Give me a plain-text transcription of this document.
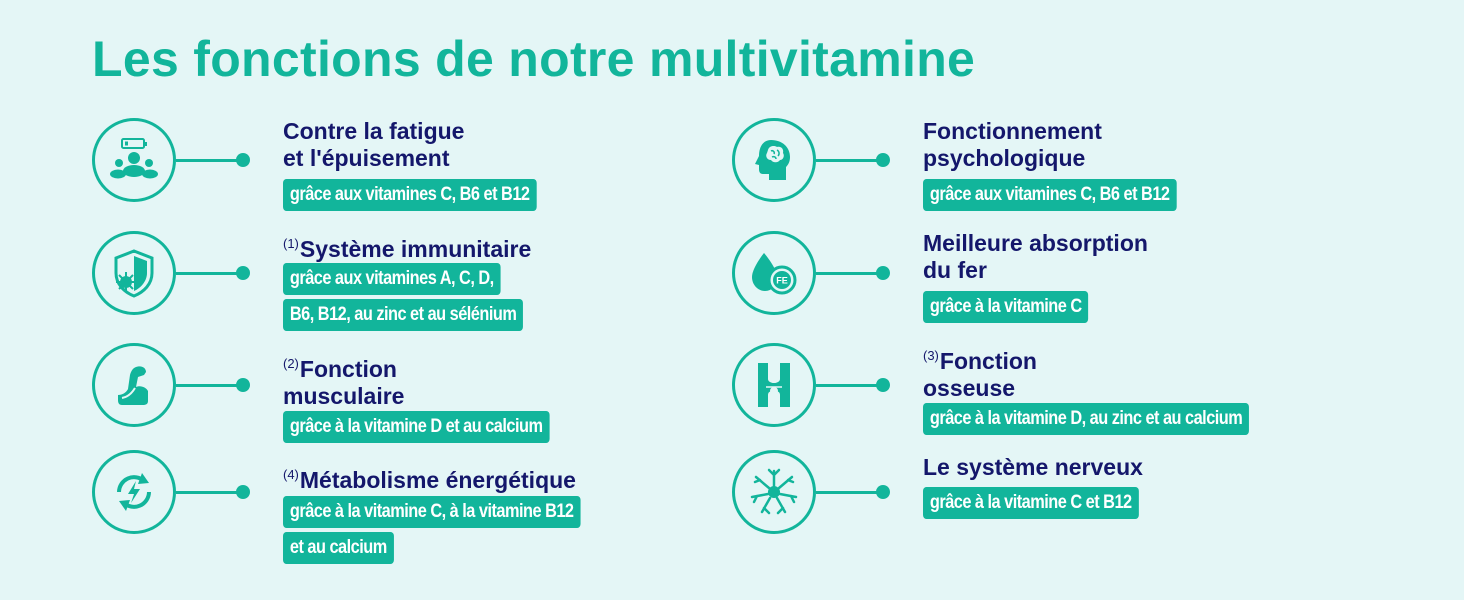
Les fonctions de notre multivitamine
Contre la fatigue
et l'épuisement
grâce aux vitamines C, B6 et B12
$^{(1)}$Système immunitaire
grâce aux vitamines A, C, D,
B6, B12, au zinc et au sélénium
$^{(2)}$Fonction
musculaire
grâce à la vitamine D et au calcium
$^{(4)}$Métabolisme énergétique
grâce à la vitamine C, à la vitamine B12
et au calcium
Fonctionnement
psychologique
grâce aux vitamines C, B6 et B12
FE
Meilleure absorption
du fer
grâce à la vitamine C
$^{(3)}$Fonction
osseuse
grâce à la vitamine D, au zinc et au calcium
Le système nerveux
grâce à la vitamine C et B12
